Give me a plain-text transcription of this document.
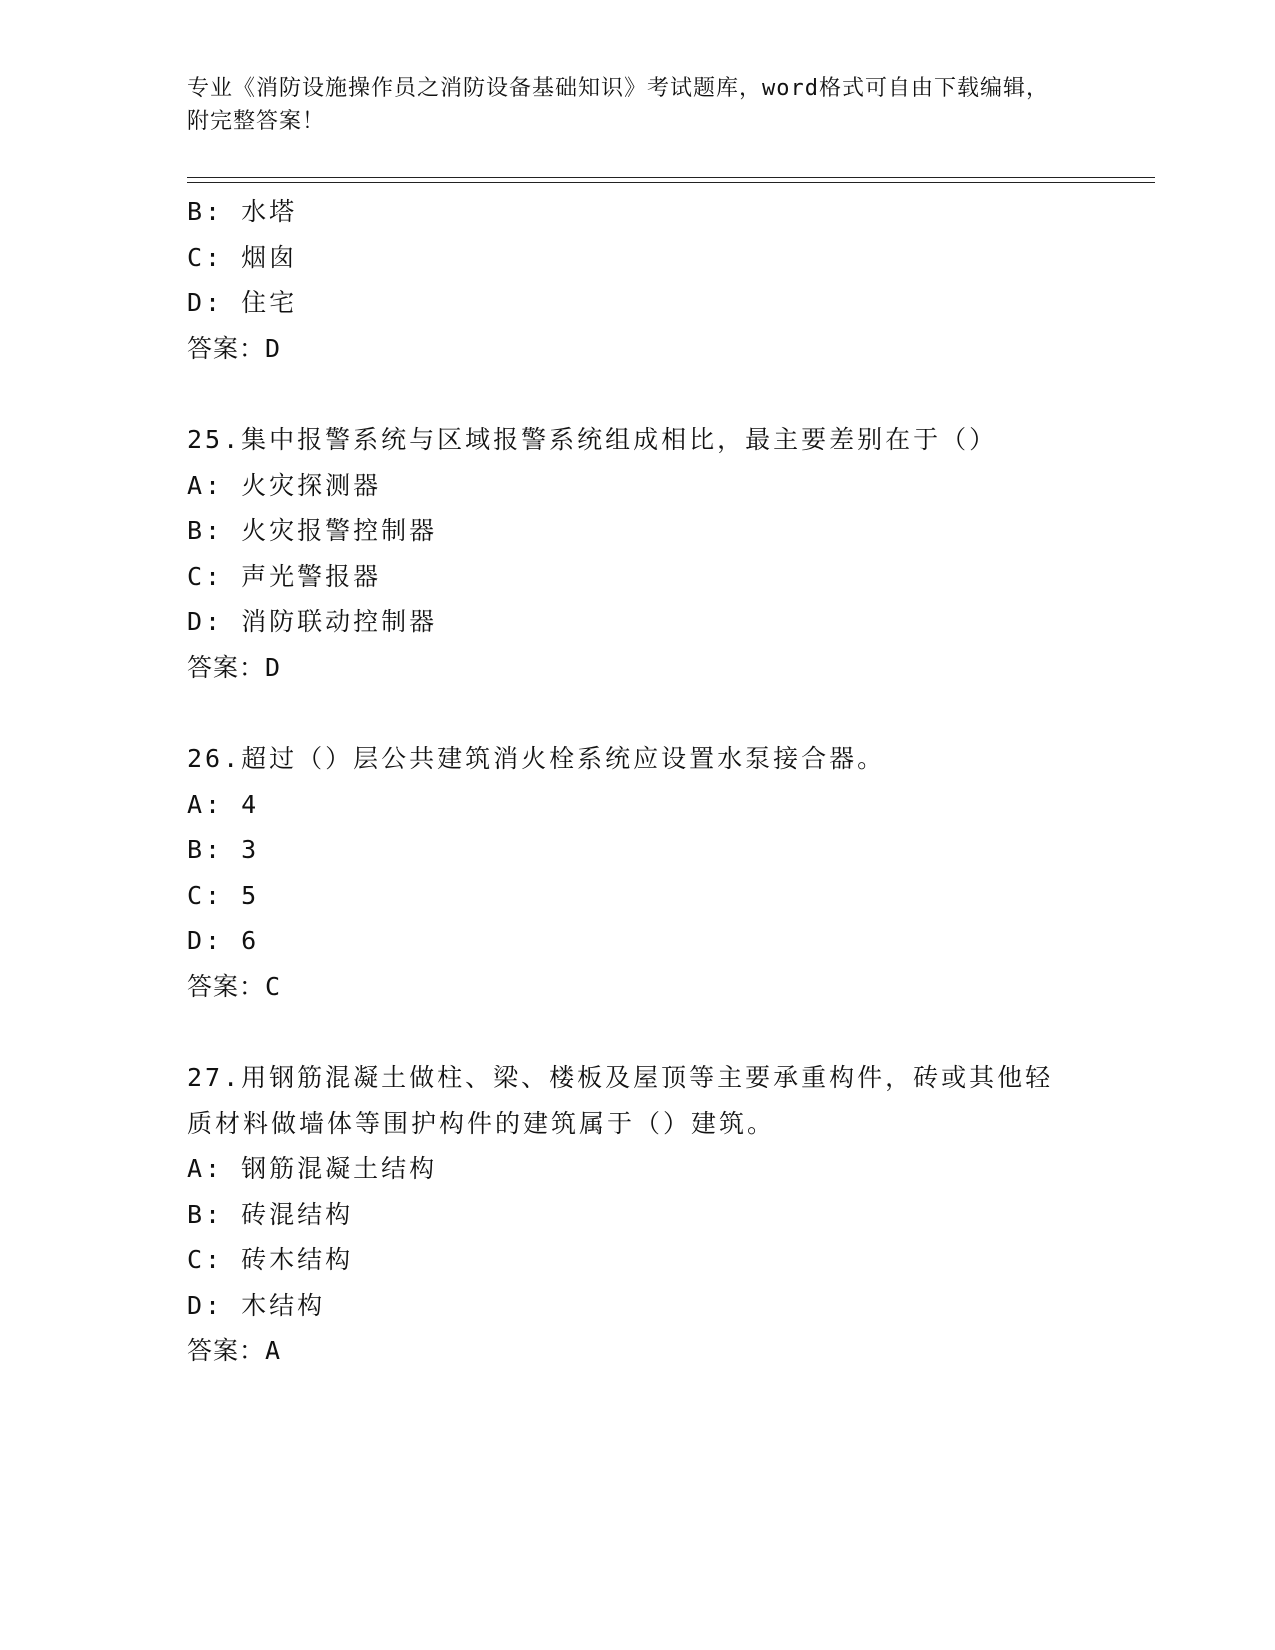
专业《消防设施操作员之消防设备基础知识》考试题库，word格式可自由下载编辑，附完整答案！

B: 水塔
C: 烟囱
D: 住宅
答案：D
25.集中报警系统与区域报警系统组成相比，最主要差别在于（）
A: 火灾探测器
B: 火灾报警控制器
C: 声光警报器
D: 消防联动控制器
答案：D
26.超过（）层公共建筑消火栓系统应设置水泵接合器。
A: 4
B: 3
C: 5
D: 6
答案：C
27.用钢筋混凝土做柱、梁、楼板及屋顶等主要承重构件，砖或其他轻
质材料做墙体等围护构件的建筑属于（）建筑。
A: 钢筋混凝土结构
B: 砖混结构
C: 砖木结构
D: 木结构
答案：A
